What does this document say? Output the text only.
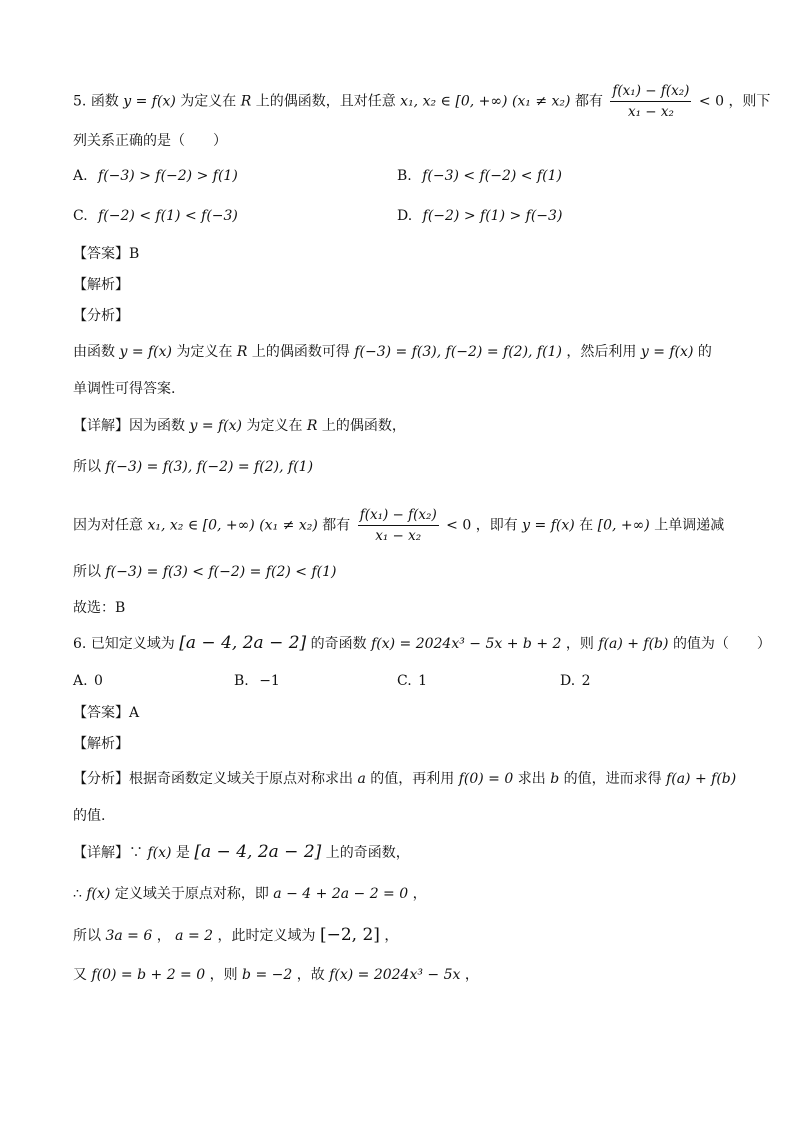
5. 函数 y = f(x) 为定义在 R 上的偶函数，且对任意 x₁, x₂ ∈ [0, +∞) (x₁ ≠ x₂) 都有 $\frac{\text{f(x₁) − f(x₂)}}{\text{x₁ − x₂}} < 0$ ，则下
列关系正确的是（　　）
A. f(−3) > f(−2) > f(1)	B. f(−3) < f(−2) < f(1)
C. f(−2) < f(1) < f(−3)	D. f(−2) > f(1) > f(−3)
【答案】B
【解析】
【分析】
由函数 y = f(x) 为定义在 R 上的偶函数可得 f(−3) = f(3), f(−2) = f(2), f(1) ，然后利用 y = f(x) 的
单调性可得答案.
【详解】因为函数 y = f(x) 为定义在 R 上的偶函数，
所以 f(−3) = f(3), f(−2) = f(2), f(1)
因为对任意 x₁, x₂ ∈ [0, +∞) (x₁ ≠ x₂) 都有 $\frac{\text{f(x₁) − f(x₂)}}{\text{x₁ − x₂}} < 0$ ，即有 y = f(x) 在 [0, +∞) 上单调递减
所以 f(−3) = f(3) < f(−2) = f(2) < f(1)
故选：B
6. 已知定义域为 [a − 4, 2a − 2] 的奇函数 f(x) = 2024x³ − 5x + b + 2 ，则 f(a) + f(b) 的值为（　　）
A. 0	B. −1	C. 1	D. 2
【答案】A
【解析】
【分析】根据奇函数定义域关于原点对称求出 a 的值，再利用 f(0) = 0 求出 b 的值，进而求得 f(a) + f(b)
的值.
【详解】∵ f(x) 是 [a − 4, 2a − 2] 上的奇函数，
∴ f(x) 定义域关于原点对称，即 a − 4 + 2a − 2 = 0 ，
所以 3a = 6 ， a = 2 ，此时定义域为 [−2, 2] ，
又 f(0) = b + 2 = 0 ，则 b = −2 ，故 f(x) = 2024x³ − 5x ，
